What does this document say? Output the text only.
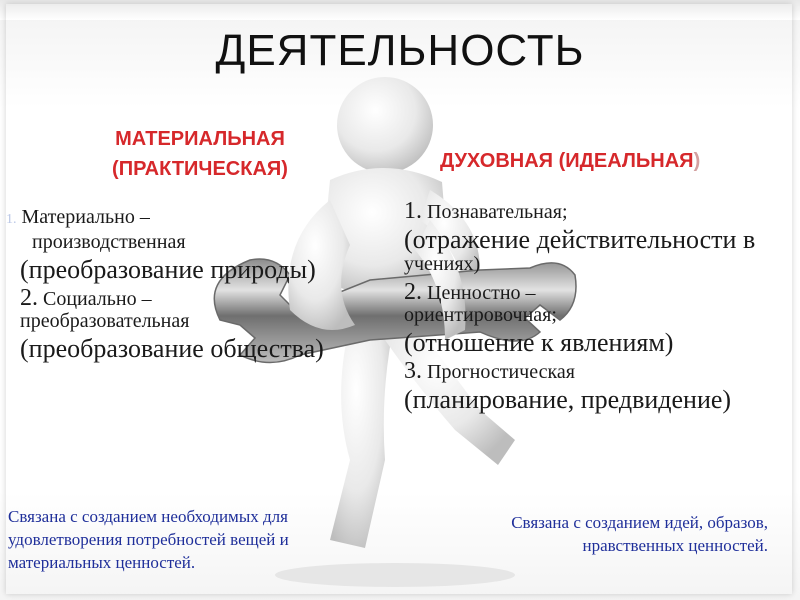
ДЕЯТЕЛЬНОСТЬ
МАТЕРИАЛЬНАЯ
(ПРАКТИЧЕСКАЯ)	ДУХОВНАЯ (ИДЕАЛЬНАЯ)
1. Материально –
производственная
(преобразование природы)
2. Социально –
преобразовательная
(преобразование общества)
1. Познавательная;
(отражение действительности в
учениях)
2. Ценностно –
ориентировочная;
(отношение к явлениям)
3. Прогностическая
(планирование, предвидение)
Связана с созданием необходимых для удовлетворения потребностей вещей и материальных ценностей.
Связана с созданием идей, образов,
нравственных ценностей.
